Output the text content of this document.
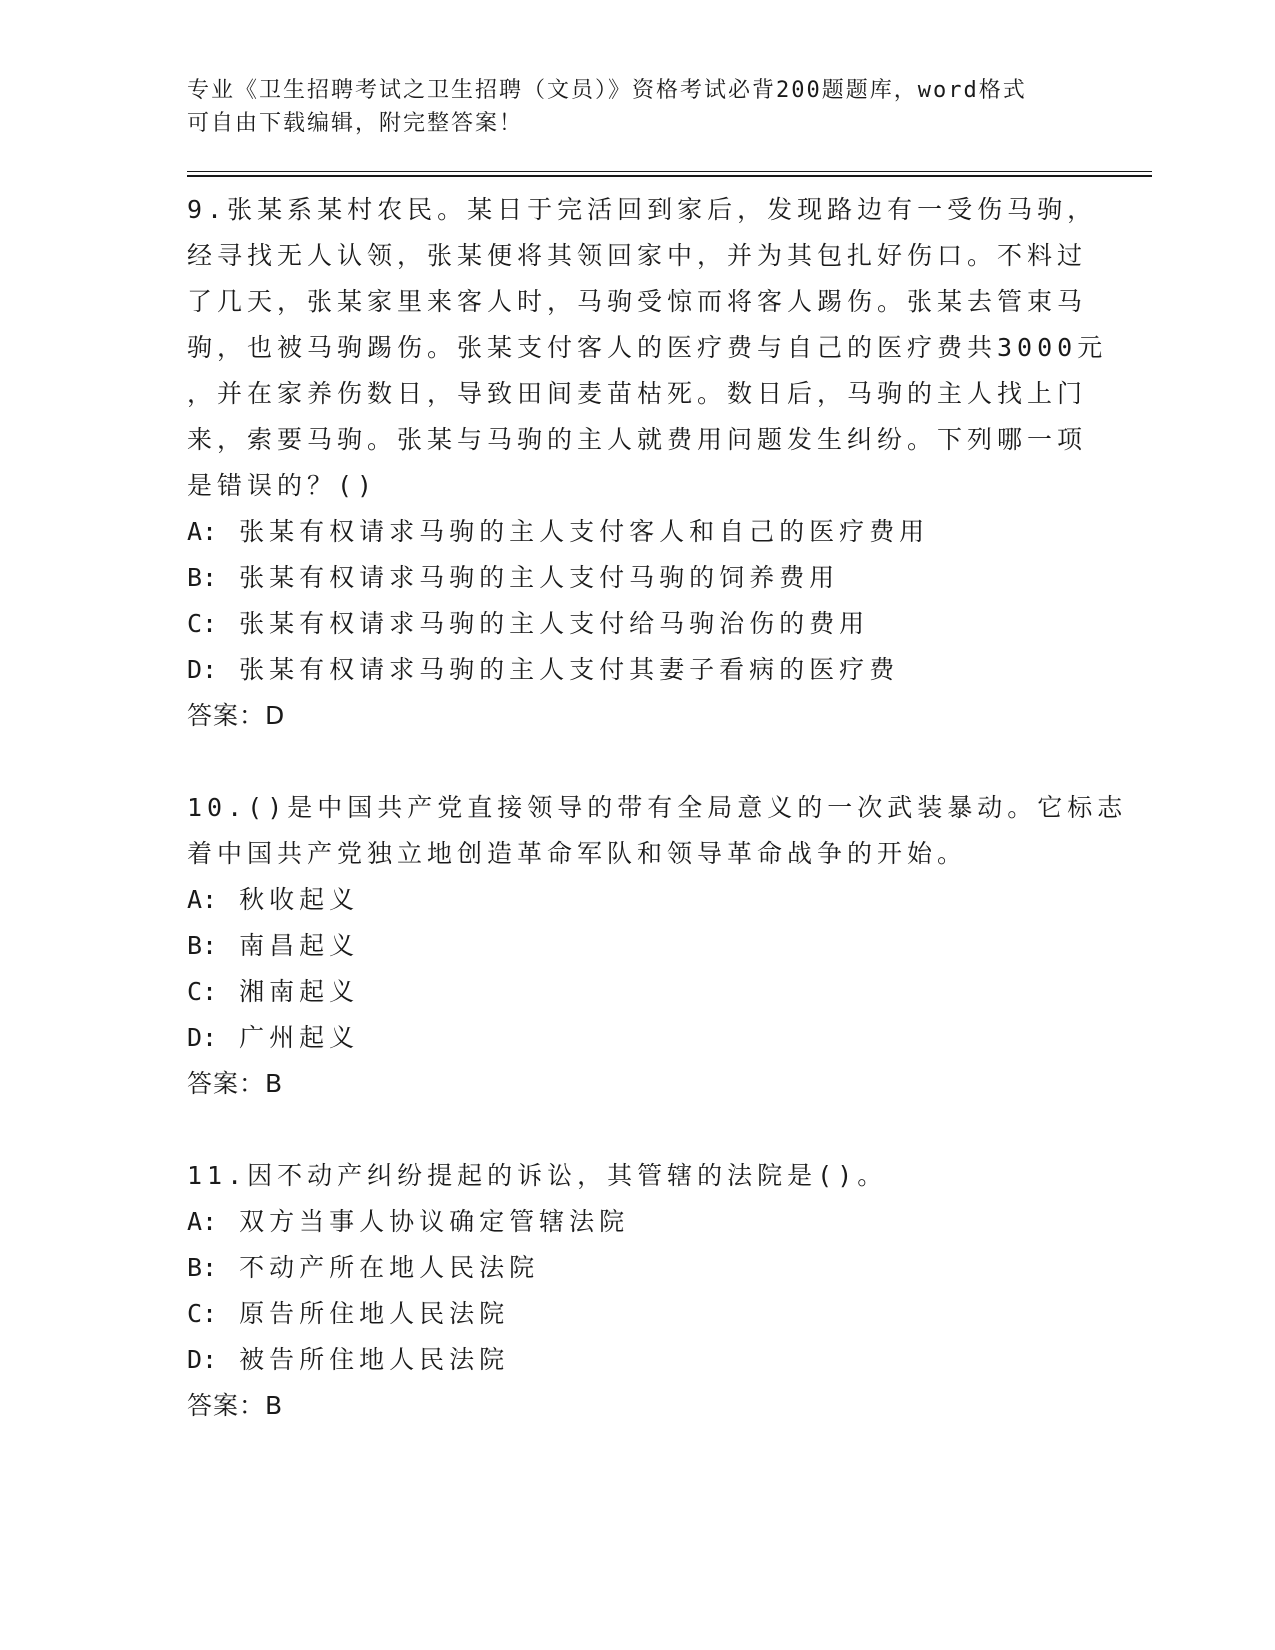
专业《卫生招聘考试之卫生招聘（文员）》资格考试必背200题题库，word格式
可自由下载编辑，附完整答案！
9.张某系某村农民。某日于完活回到家后，发现路边有一受伤马驹，
经寻找无人认领，张某便将其领回家中，并为其包扎好伤口。不料过
了几天，张某家里来客人时，马驹受惊而将客人踢伤。张某去管束马
驹，也被马驹踢伤。张某支付客人的医疗费与自己的医疗费共3000元
，并在家养伤数日，导致田间麦苗枯死。数日后，马驹的主人找上门
来，索要马驹。张某与马驹的主人就费用问题发生纠纷。下列哪一项
是错误的？()
A: 张某有权请求马驹的主人支付客人和自己的医疗费用
B: 张某有权请求马驹的主人支付马驹的饲养费用
C: 张某有权请求马驹的主人支付给马驹治伤的费用
D: 张某有权请求马驹的主人支付其妻子看病的医疗费
答案：D
10.()是中国共产党直接领导的带有全局意义的一次武装暴动。它标志
着中国共产党独立地创造革命军队和领导革命战争的开始。
A: 秋收起义
B: 南昌起义
C: 湘南起义
D: 广州起义
答案：B
11.因不动产纠纷提起的诉讼，其管辖的法院是()。
A: 双方当事人协议确定管辖法院
B: 不动产所在地人民法院
C: 原告所住地人民法院
D: 被告所住地人民法院
答案：B
